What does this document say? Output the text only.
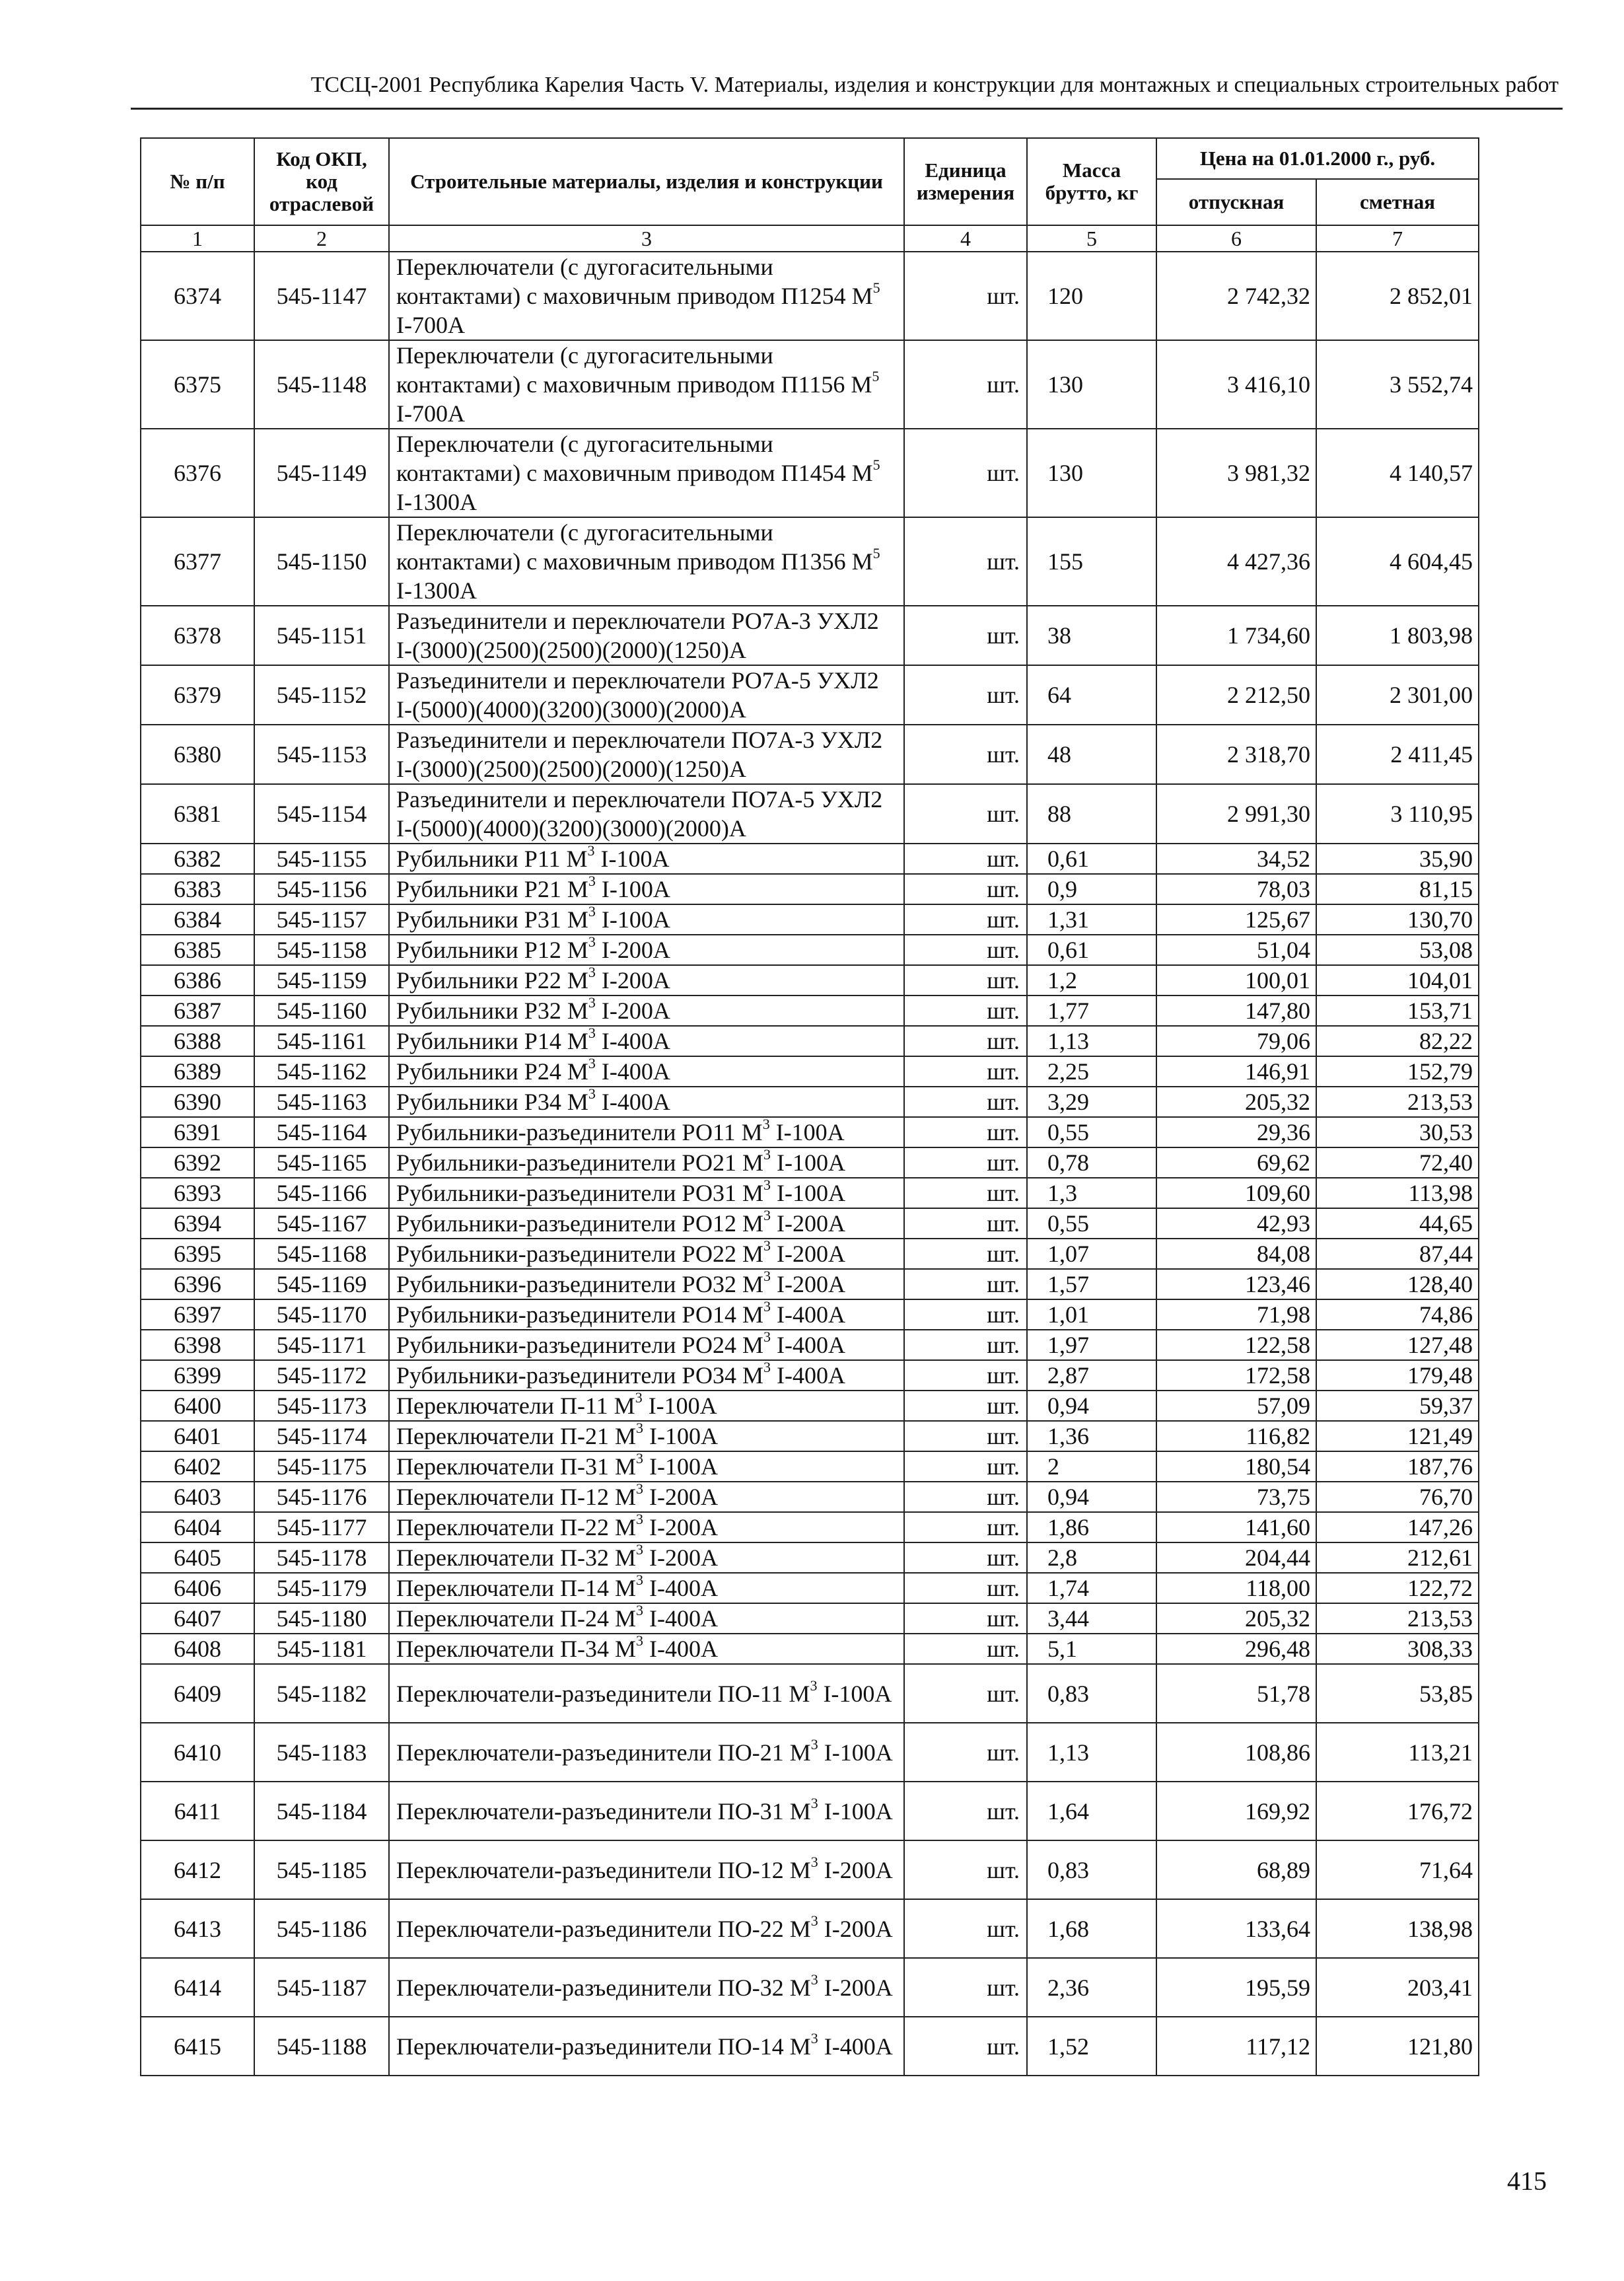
ТССЦ-2001 Республика Карелия Часть V. Материалы, изделия и конструкции для монтажных и специальных строительных работ
№ п/п	Код ОКП, код отраслевой	Строительные материалы, изделия и конструкции	Единица измерения	Масса брутто, кг	Цена на 01.01.2000 г., руб.	
					отпускная	сметная
1	2	3	4	5	6	7
6374	545-1147	Переключатели (с дугогасительными контактами) с маховичным приводом П1254 $М^5$ I-700А	шт.	120	2 742,32	2 852,01
6375	545-1148	Переключатели (с дугогасительными контактами) с маховичным приводом П1156 $М^5$ I-700А	шт.	130	3 416,10	3 552,74
6376	545-1149	Переключатели (с дугогасительными контактами) с маховичным приводом П1454 $М^5$ I-1300А	шт.	130	3 981,32	4 140,57
6377	545-1150	Переключатели (с дугогасительными контактами) с маховичным приводом П1356 $М^5$ I-1300А	шт.	155	4 427,36	4 604,45
6378	545-1151	Разъединители и переключатели РО7А-3 УХЛ2 I-(3000)(2500)(2500)(2000)(1250)А	шт.	38	1 734,60	1 803,98
6379	545-1152	Разъединители и переключатели РО7А-5 УХЛ2 I-(5000)(4000)(3200)(3000)(2000)А	шт.	64	2 212,50	2 301,00
6380	545-1153	Разъединители и переключатели ПО7А-3 УХЛ2 I-(3000)(2500)(2500)(2000)(1250)А	шт.	48	2 318,70	2 411,45
6381	545-1154	Разъединители и переключатели ПО7А-5 УХЛ2 I-(5000)(4000)(3200)(3000)(2000)А	шт.	88	2 991,30	3 110,95
6382	545-1155	Рубильники Р11 $М^3$ I-100А	шт.	0,61	34,52	35,90
6383	545-1156	Рубильники Р21 $М^3$ I-100А	шт.	0,9	78,03	81,15
6384	545-1157	Рубильники Р31 $М^3$ I-100А	шт.	1,31	125,67	130,70
6385	545-1158	Рубильники Р12 $М^3$ I-200А	шт.	0,61	51,04	53,08
6386	545-1159	Рубильники Р22 $М^3$ I-200А	шт.	1,2	100,01	104,01
6387	545-1160	Рубильники Р32 $М^3$ I-200А	шт.	1,77	147,80	153,71
6388	545-1161	Рубильники Р14 $М^3$ I-400А	шт.	1,13	79,06	82,22
6389	545-1162	Рубильники Р24 $М^3$ I-400А	шт.	2,25	146,91	152,79
6390	545-1163	Рубильники Р34 $М^3$ I-400А	шт.	3,29	205,32	213,53
6391	545-1164	Рубильники-разъединители РО11 $М^3$ I-100А	шт.	0,55	29,36	30,53
6392	545-1165	Рубильники-разъединители РО21 $М^3$ I-100А	шт.	0,78	69,62	72,40
6393	545-1166	Рубильники-разъединители РО31 $М^3$ I-100А	шт.	1,3	109,60	113,98
6394	545-1167	Рубильники-разъединители РО12 $М^3$ I-200А	шт.	0,55	42,93	44,65
6395	545-1168	Рубильники-разъединители РО22 $М^3$ I-200А	шт.	1,07	84,08	87,44
6396	545-1169	Рубильники-разъединители РО32 $М^3$ I-200А	шт.	1,57	123,46	128,40
6397	545-1170	Рубильники-разъединители РО14 $М^3$ I-400А	шт.	1,01	71,98	74,86
6398	545-1171	Рубильники-разъединители РО24 $М^3$ I-400А	шт.	1,97	122,58	127,48
6399	545-1172	Рубильники-разъединители РО34 $М^3$ I-400А	шт.	2,87	172,58	179,48
6400	545-1173	Переключатели П-11 $М^3$ I-100А	шт.	0,94	57,09	59,37
6401	545-1174	Переключатели П-21 $М^3$ I-100А	шт.	1,36	116,82	121,49
6402	545-1175	Переключатели П-31 $М^3$ I-100А	шт.	2	180,54	187,76
6403	545-1176	Переключатели П-12 $М^3$ I-200А	шт.	0,94	73,75	76,70
6404	545-1177	Переключатели П-22 $М^3$ I-200А	шт.	1,86	141,60	147,26
6405	545-1178	Переключатели П-32 $М^3$ I-200А	шт.	2,8	204,44	212,61
6406	545-1179	Переключатели П-14 $М^3$ I-400А	шт.	1,74	118,00	122,72
6407	545-1180	Переключатели П-24 $М^3$ I-400А	шт.	3,44	205,32	213,53
6408	545-1181	Переключатели П-34 $М^3$ I-400А	шт.	5,1	296,48	308,33
6409	545-1182	Переключатели-разъединители ПО-11 $М^3$ I-100А	шт.	0,83	51,78	53,85
6410	545-1183	Переключатели-разъединители ПО-21 $М^3$ I-100А	шт.	1,13	108,86	113,21
6411	545-1184	Переключатели-разъединители ПО-31 $М^3$ I-100А	шт.	1,64	169,92	176,72
6412	545-1185	Переключатели-разъединители ПО-12 $М^3$ I-200А	шт.	0,83	68,89	71,64
6413	545-1186	Переключатели-разъединители ПО-22 $М^3$ I-200А	шт.	1,68	133,64	138,98
6414	545-1187	Переключатели-разъединители ПО-32 $М^3$ I-200А	шт.	2,36	195,59	203,41
6415	545-1188	Переключатели-разъединители ПО-14 $М^3$ I-400А	шт.	1,52	117,12	121,80
415
